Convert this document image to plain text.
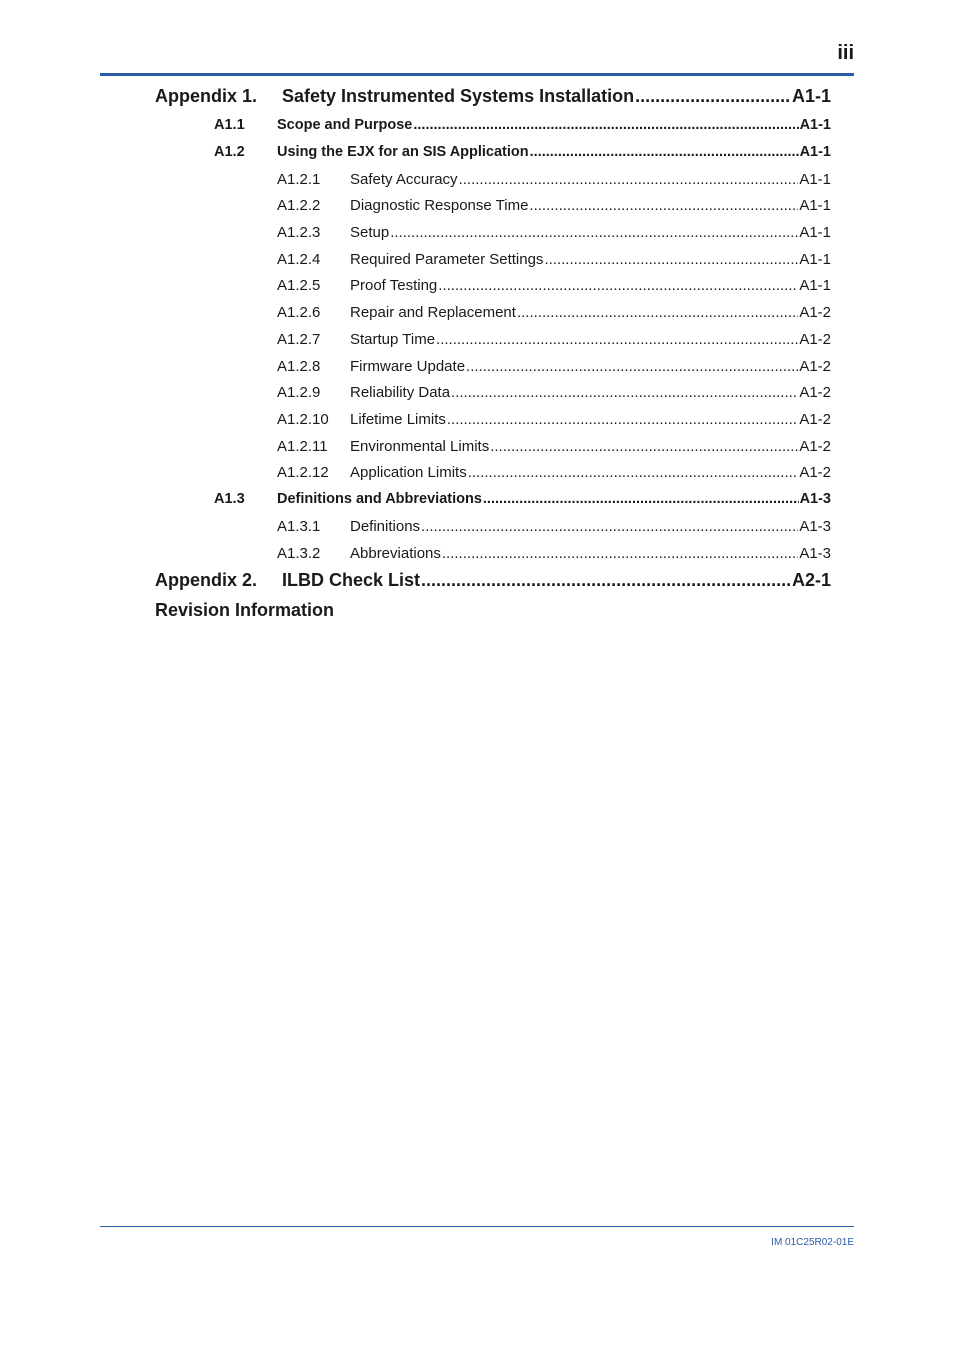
iii
Appendix 1.	Safety Instrumented Systems Installation .....	A1-1
A1.1	Scope and Purpose .....	A1-1
A1.2	Using the EJX for an SIS Application .....	A1-1
A1.2.1	Safety Accuracy .....	A1-1
A1.2.2	Diagnostic Response Time .....	A1-1
A1.2.3	Setup .....	A1-1
A1.2.4	Required Parameter Settings .....	A1-1
A1.2.5	Proof Testing .....	A1-1
A1.2.6	Repair and Replacement .....	A1-2
A1.2.7	Startup Time .....	A1-2
A1.2.8	Firmware Update .....	A1-2
A1.2.9	Reliability Data .....	A1-2
A1.2.10	Lifetime Limits .....	A1-2
A1.2.11	Environmental Limits .....	A1-2
A1.2.12	Application Limits .....	A1-2
A1.3	Definitions and Abbreviations .....	A1-3
A1.3.1	Definitions .....	A1-3
A1.3.2	Abbreviations .....	A1-3
Appendix 2.	ILBD Check List .....	A2-1
Revision Information
IM 01C25R02-01E
